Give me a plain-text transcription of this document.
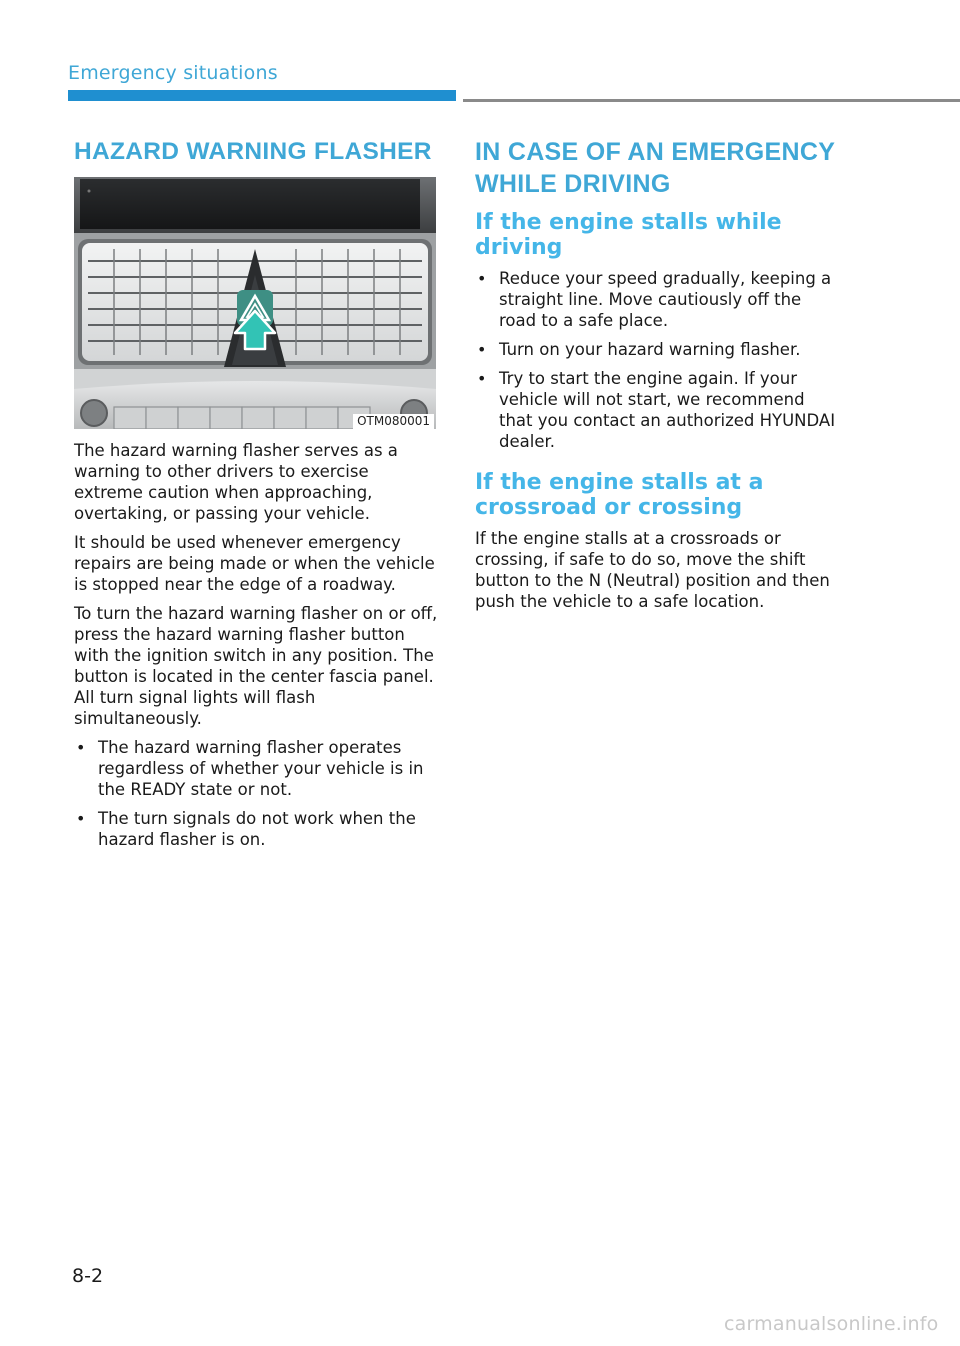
Emergency situations
HAZARD WARNING FLASHER
OTM080001

The hazard warning flasher serves as a warning to other drivers to exercise extreme caution when approaching, overtaking, or passing your vehicle.

It should be used whenever emergency repairs are being made or when the vehicle is stopped near the edge of a roadway.

To turn the hazard warning flasher on or off, press the hazard warning flasher button with the ignition switch in any position. The button is located in the center fascia panel. All turn signal lights will flash simultaneously.

• The hazard warning flasher operates regardless of whether your vehicle is in the READY state or not.
• The turn signals do not work when the hazard flasher is on.
IN CASE OF AN EMERGENCY
WHILE DRIVING
If the engine stalls while driving
• Reduce your speed gradually, keeping a straight line. Move cautiously off the road to a safe place.
• Turn on your hazard warning flasher.
• Try to start the engine again. If your vehicle will not start, we recommend that you contact an authorized HYUNDAI dealer.
If the engine stalls at a crossroad or crossing

If the engine stalls at a crossroads or crossing, if safe to do so, move the shift button to the N (Neutral) position and then push the vehicle to a safe location.

8-2
carmanualsonline.info
